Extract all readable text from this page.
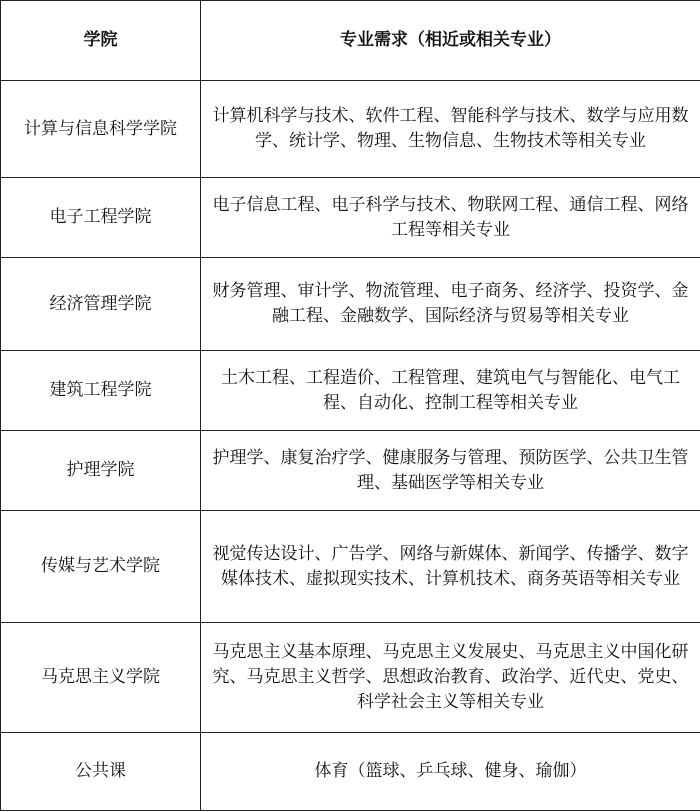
学院	专业需求（相近或相关专业）
计算与信息科学学院	计算机科学与技术、软件工程、智能科学与技术、数学与应用数学、统计学、物理、生物信息、生物技术等相关专业
电子工程学院	电子信息工程、电子科学与技术、物联网工程、通信工程、网络工程等相关专业
经济管理学院	财务管理、审计学、物流管理、电子商务、经济学、投资学、金融工程、金融数学、国际经济与贸易等相关专业
建筑工程学院	土木工程、工程造价、工程管理、建筑电气与智能化、电气工程、自动化、控制工程等相关专业
护理学院	护理学、康复治疗学、健康服务与管理、预防医学、公共卫生管理、基础医学等相关专业
传媒与艺术学院	视觉传达设计、广告学、网络与新媒体、新闻学、传播学、数字媒体技术、虚拟现实技术、计算机技术、商务英语等相关专业
马克思主义学院	马克思主义基本原理、马克思主义发展史、马克思主义中国化研究、马克思主义哲学、思想政治教育、政治学、近代史、党史、科学社会主义等相关专业
公共课	体育（篮球、乒乓球、健身、瑜伽）
